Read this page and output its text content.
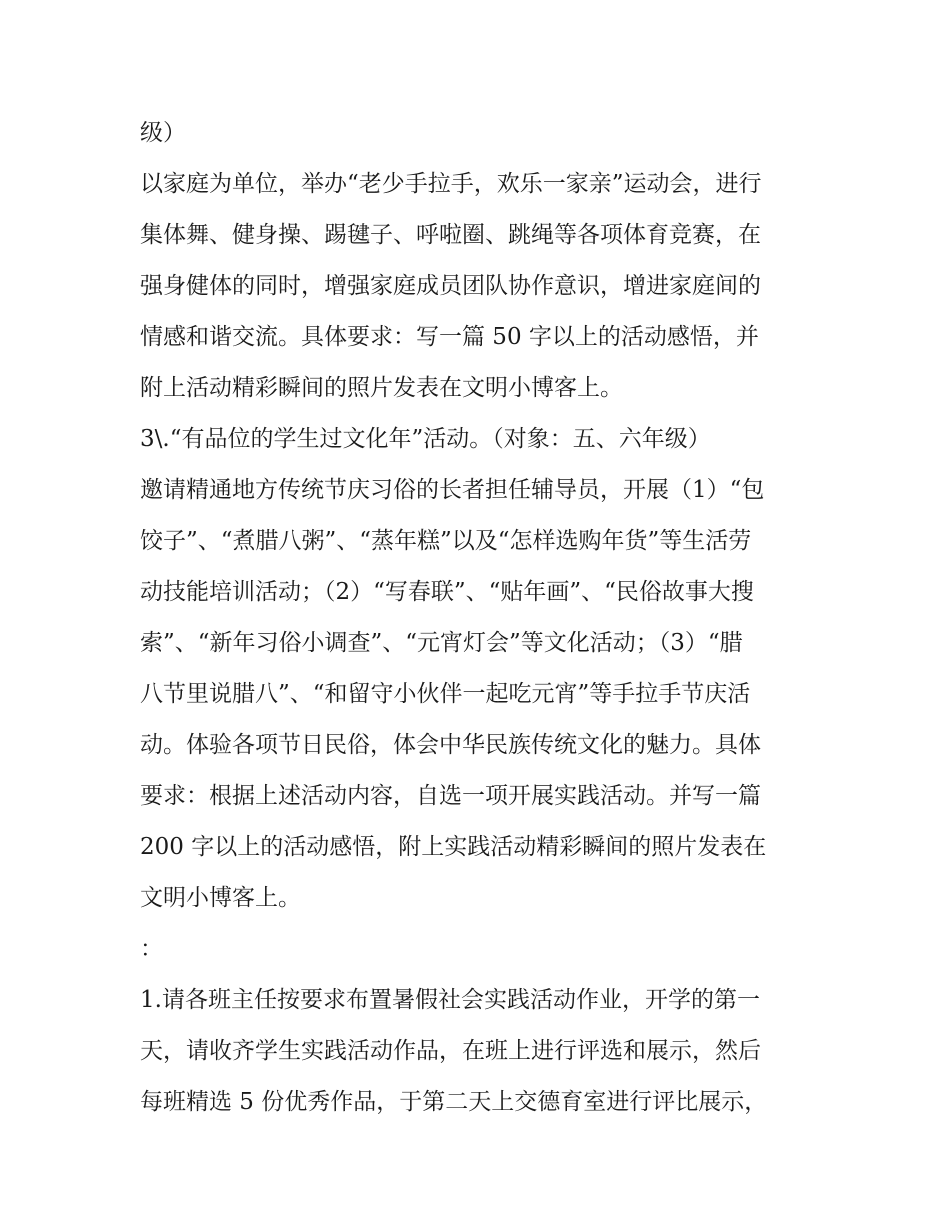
级）
以家庭为单位，举办“老少手拉手，欢乐一家亲”运动会，进行
集体舞、健身操、踢毽子、呼啦圈、跳绳等各项体育竞赛，在
强身健体的同时，增强家庭成员团队协作意识，增进家庭间的
情感和谐交流。具体要求：写一篇 50 字以上的活动感悟，并
附上活动精彩瞬间的照片发表在文明小博客上。
3\.“有品位的学生过文化年”活动。（对象：五、六年级）
邀请精通地方传统节庆习俗的长者担任辅导员，开展（1）“包
饺子”、“煮腊八粥”、“蒸年糕”以及“怎样选购年货”等生活劳
动技能培训活动；（2）“写春联”、“贴年画”、“民俗故事大搜
索”、“新年习俗小调查”、“元宵灯会”等文化活动；（3）“腊
八节里说腊八”、“和留守小伙伴一起吃元宵”等手拉手节庆活
动。体验各项节日民俗，体会中华民族传统文化的魅力。具体
要求：根据上述活动内容，自选一项开展实践活动。并写一篇
200 字以上的活动感悟，附上实践活动精彩瞬间的照片发表在
文明小博客上。
：
1.请各班主任按要求布置暑假社会实践活动作业，开学的第一
天，请收齐学生实践活动作品，在班上进行评选和展示，然后
每班精选 5 份优秀作品，于第二天上交德育室进行评比展示，
